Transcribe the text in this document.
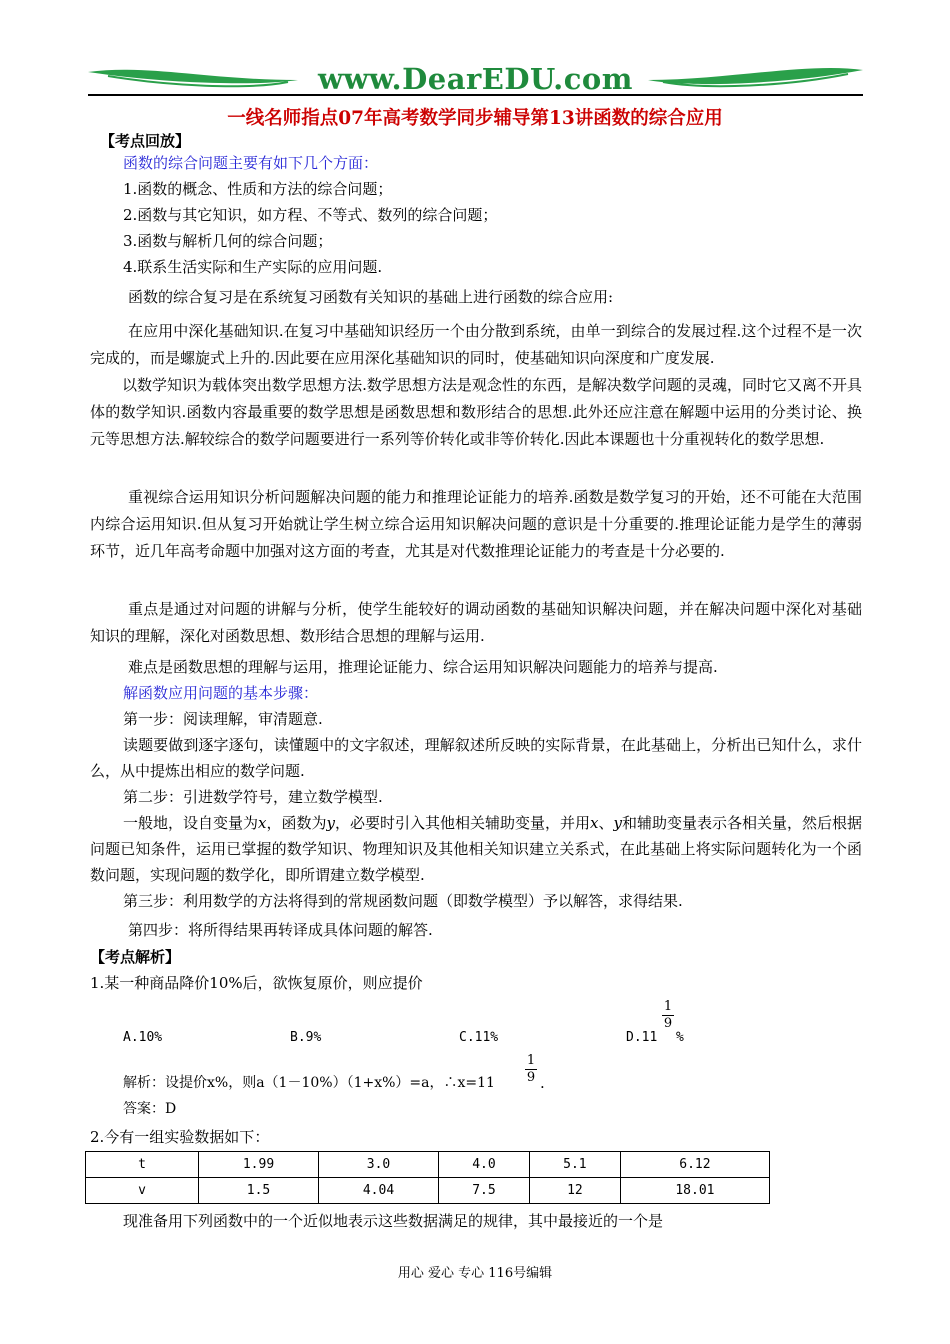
www.DearEDU.com
一线名师指点07年高考数学同步辅导第13讲函数的综合应用
【考点回放】
函数的综合问题主要有如下几个方面：
1.函数的概念、性质和方法的综合问题；
2.函数与其它知识，如方程、不等式、数列的综合问题；
3.函数与解析几何的综合问题；
4.联系生活实际和生产实际的应用问题.
函数的综合复习是在系统复习函数有关知识的基础上进行函数的综合应用:

在应用中深化基础知识.在复习中基础知识经历一个由分散到系统，由单一到综合的发展过程.这个过程不是一次完成的，而是螺旋式上升的.因此要在应用深化基础知识的同时，使基础知识向深度和广度发展.

以数学知识为载体突出数学思想方法.数学思想方法是观念性的东西，是解决数学问题的灵魂，同时它又离不开具体的数学知识.函数内容最重要的数学思想是函数思想和数形结合的思想.此外还应注意在解题中运用的分类讨论、换元等思想方法.解较综合的数学问题要进行一系列等价转化或非等价转化.因此本课题也十分重视转化的数学思想.

重视综合运用知识分析问题解决问题的能力和推理论证能力的培养.函数是数学复习的开始，还不可能在大范围内综合运用知识.但从复习开始就让学生树立综合运用知识解决问题的意识是十分重要的.推理论证能力是学生的薄弱环节，近几年高考命题中加强对这方面的考查，尤其是对代数推理论证能力的考查是十分必要的.

重点是通过对问题的讲解与分析，使学生能较好的调动函数的基础知识解决问题，并在解决问题中深化对基础知识的理解，深化对函数思想、数形结合思想的理解与运用.

难点是函数思想的理解与运用，推理论证能力、综合运用知识解决问题能力的培养与提高.
解函数应用问题的基本步骤：
第一步：阅读理解，审清题意.

读题要做到逐字逐句，读懂题中的文字叙述，理解叙述所反映的实际背景，在此基础上，分析出已知什么，求什么，从中提炼出相应的数学问题.

第二步：引进数学符号，建立数学模型.

一般地，设自变量为x，函数为y，必要时引入其他相关辅助变量，并用x、y和辅助变量表示各相关量，然后根据问题已知条件，运用已掌握的数学知识、物理知识及其他相关知识建立关系式，在此基础上将实际问题转化为一个函数问题，实现问题的数学化，即所谓建立数学模型.

第三步：利用数学的方法将得到的常规函数问题（即数学模型）予以解答，求得结果.
第四步：将所得结果再转译成具体问题的解答.
【考点解析】
1.某一种商品降价10%后，欲恢复原价，则应提价
A.10%	B.9%	C.11%	D.11
1
9
%
解析：设提价x%，则a（1－10%）（1+x%）=a，∴x=11
1
9 .
答案：D
2.今有一组实验数据如下：
t	1.99	3.0	4.0	5.1	6.12
v	1.5	4.04	7.5	12	18.01
现准备用下列函数中的一个近似地表示这些数据满足的规律，其中最接近的一个是
用心 爱心 专心 116号编辑
